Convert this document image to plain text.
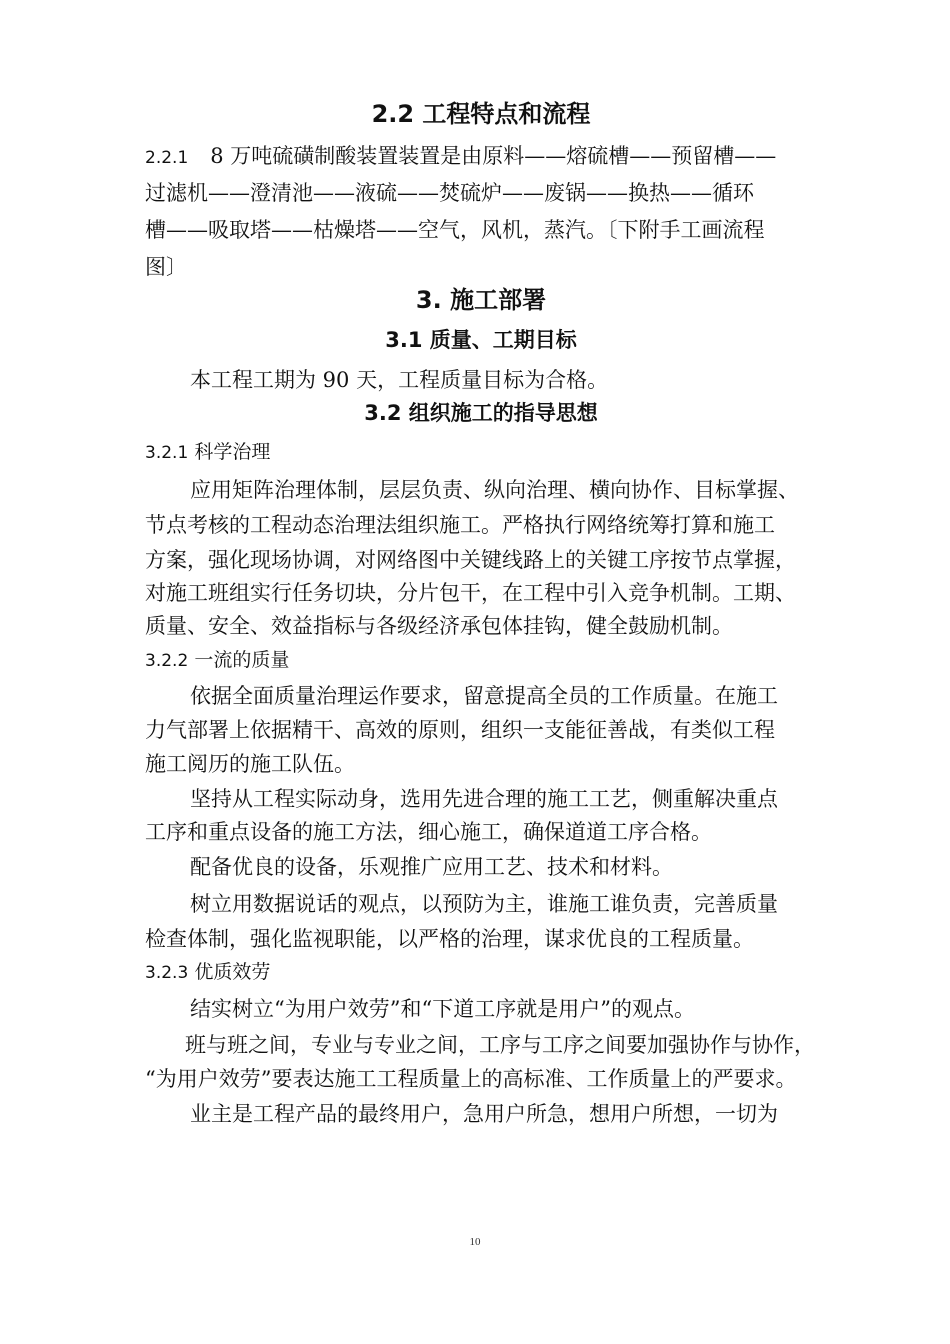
2.2 工程特点和流程
2.2.1 8 万吨硫磺制酸装置装置是由原料——熔硫槽——预留槽——
过滤机——澄清池——液硫——焚硫炉——废锅——换热——循环
槽——吸取塔——枯燥塔——空气，风机，蒸汽。〔下附手工画流程
图〕
3. 施工部署
3.1 质量、工期目标
本工程工期为 90 天，工程质量目标为合格。
3.2 组织施工的指导思想
3.2.1 科学治理
应用矩阵治理体制，层层负责、纵向治理、横向协作、目标掌握、
节点考核的工程动态治理法组织施工。严格执行网络统筹打算和施工
方案，强化现场协调，对网络图中关键线路上的关键工序按节点掌握，
对施工班组实行任务切块，分片包干，在工程中引入竞争机制。工期、
质量、安全、效益指标与各级经济承包体挂钩，健全鼓励机制。
3.2.2 一流的质量
依据全面质量治理运作要求，留意提高全员的工作质量。在施工
力气部署上依据精干、高效的原则，组织一支能征善战，有类似工程
施工阅历的施工队伍。
坚持从工程实际动身，选用先进合理的施工工艺，侧重解决重点
工序和重点设备的施工方法，细心施工，确保道道工序合格。
配备优良的设备，乐观推广应用工艺、技术和材料。
树立用数据说话的观点，以预防为主，谁施工谁负责，完善质量
检查体制，强化监视职能，以严格的治理，谋求优良的工程质量。
3.2.3 优质效劳
结实树立“为用户效劳”和“下道工序就是用户”的观点。
班与班之间，专业与专业之间，工序与工序之间要加强协作与协作，
“为用户效劳”要表达施工工程质量上的高标准、工作质量上的严要求。
业主是工程产品的最终用户，急用户所急，想用户所想，一切为
10
